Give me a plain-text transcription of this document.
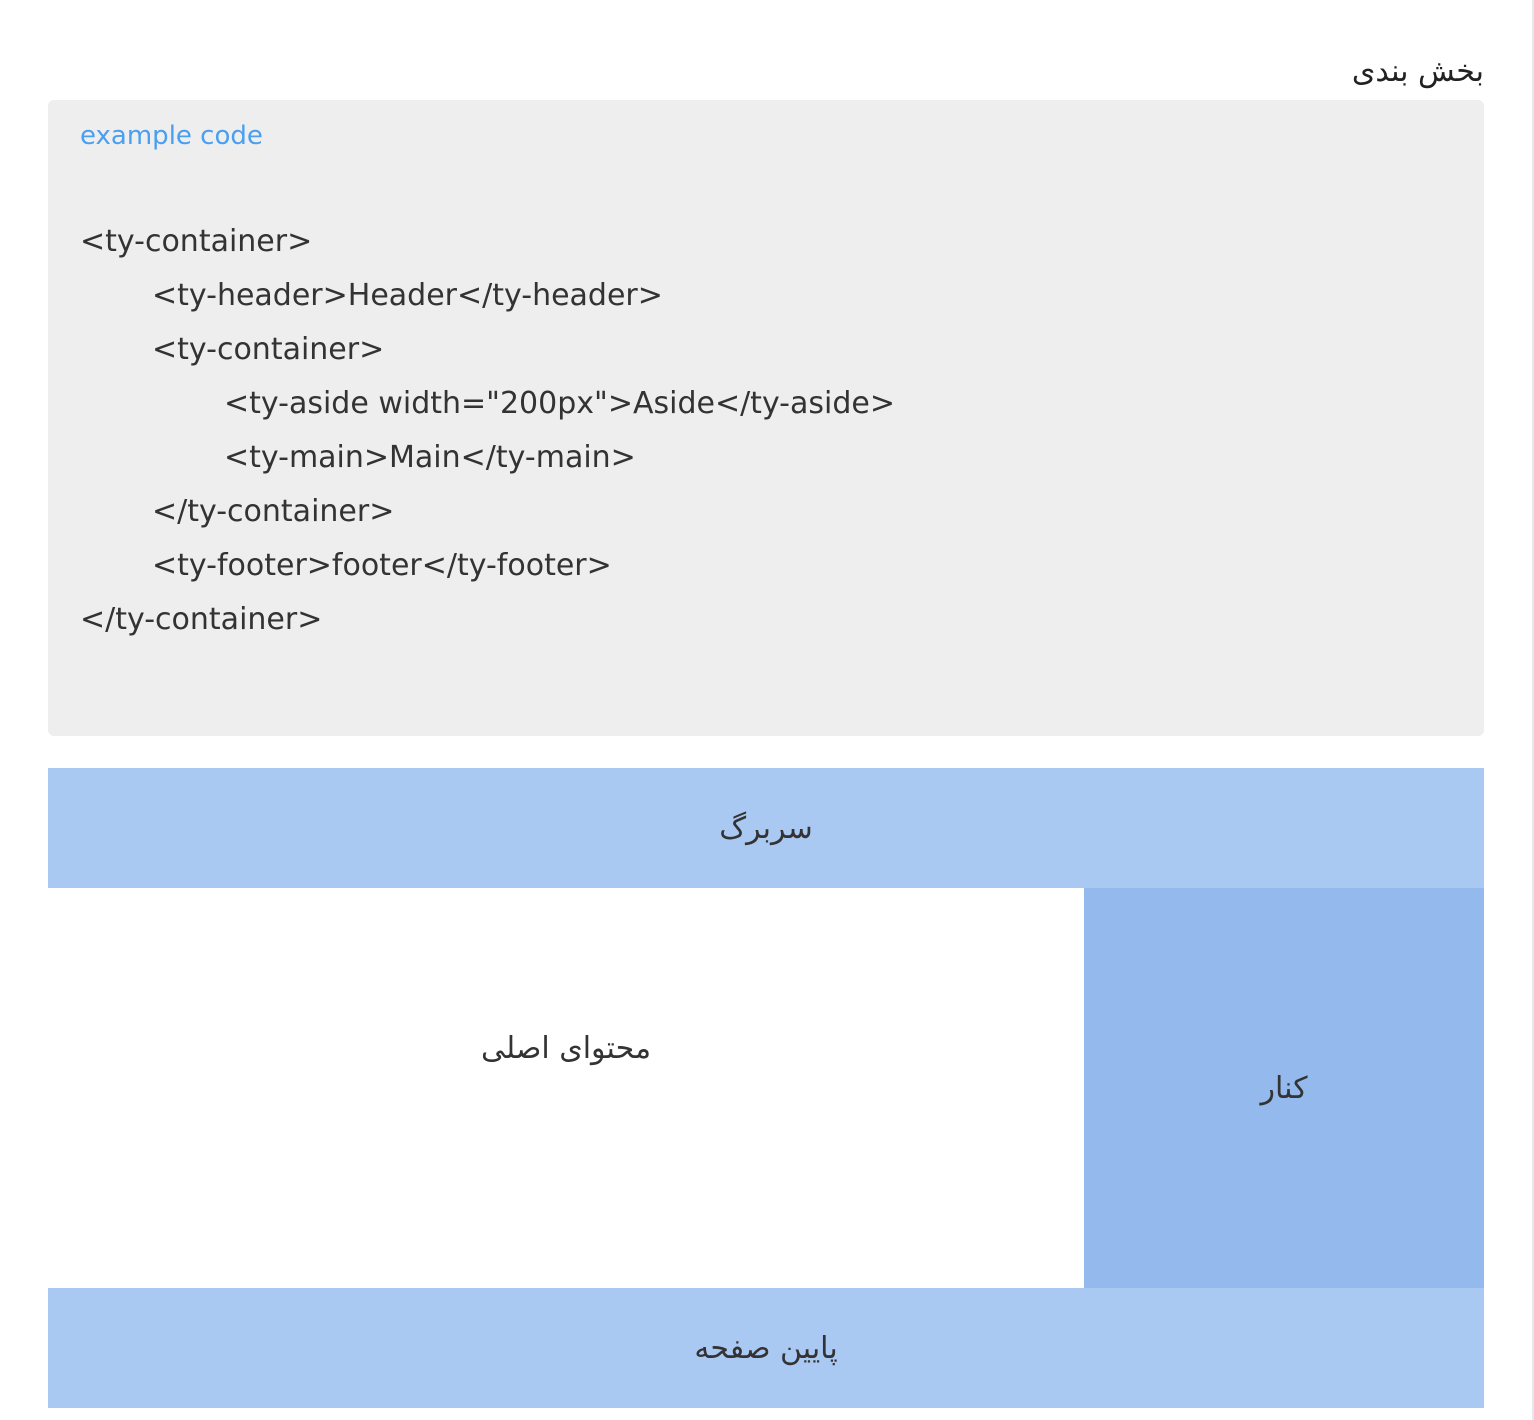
بخش بندی
example code
<ty-container>
<ty-header>Header</ty-header>
<ty-container>
<ty-aside width="200px">Aside</ty-aside>
<ty-main>Main</ty-main>
</ty-container>
<ty-footer>footer</ty-footer>
</ty-container>
سربرگ
محتوای اصلی
کنار
پایین صفحه
